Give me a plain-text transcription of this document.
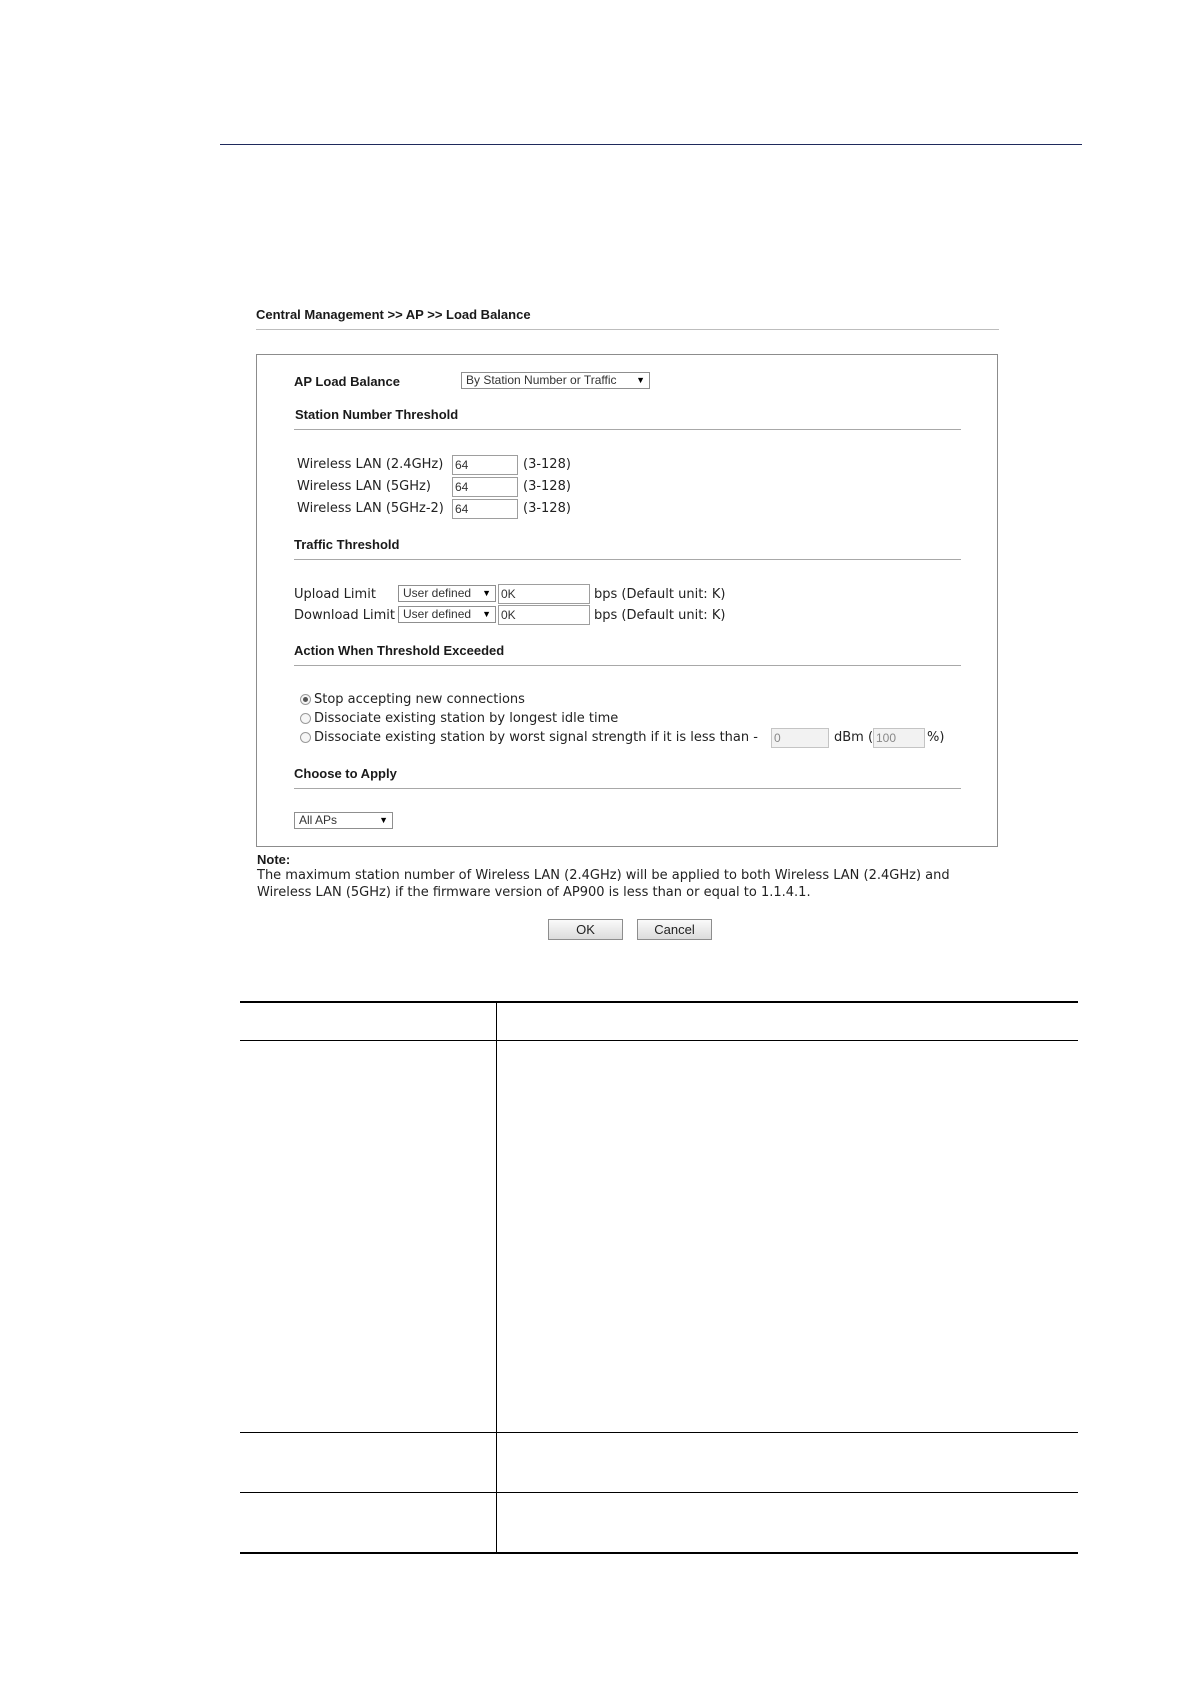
Central Management >> AP >> Load Balance
AP Load Balance	By Station Number or Traffic ▼
Station Number Threshold
Wireless LAN (2.4GHz) 64	(3-128)
Wireless LAN (5GHz) 64	(3-128)
Wireless LAN (5GHz-2) 64	(3-128)
Traffic Threshold
Upload Limit	User defined ▼ 0K	bps (Default unit: K)
Download Limit User defined ▼ 0K	bps (Default unit: K)
Action When Threshold Exceeded
Stop accepting new connections
Dissociate existing station by longest idle time
Dissociate existing station by worst signal strength if it is less than - 0	dBm ( 100	%)
Choose to Apply
All APs	▼
Note:
The maximum station number of Wireless LAN (2.4GHz) will be applied to both Wireless LAN (2.4GHz) and Wireless LAN (5GHz) if the firmware version of AP900 is less than or equal to 1.1.4.1.
OK	Cancel
